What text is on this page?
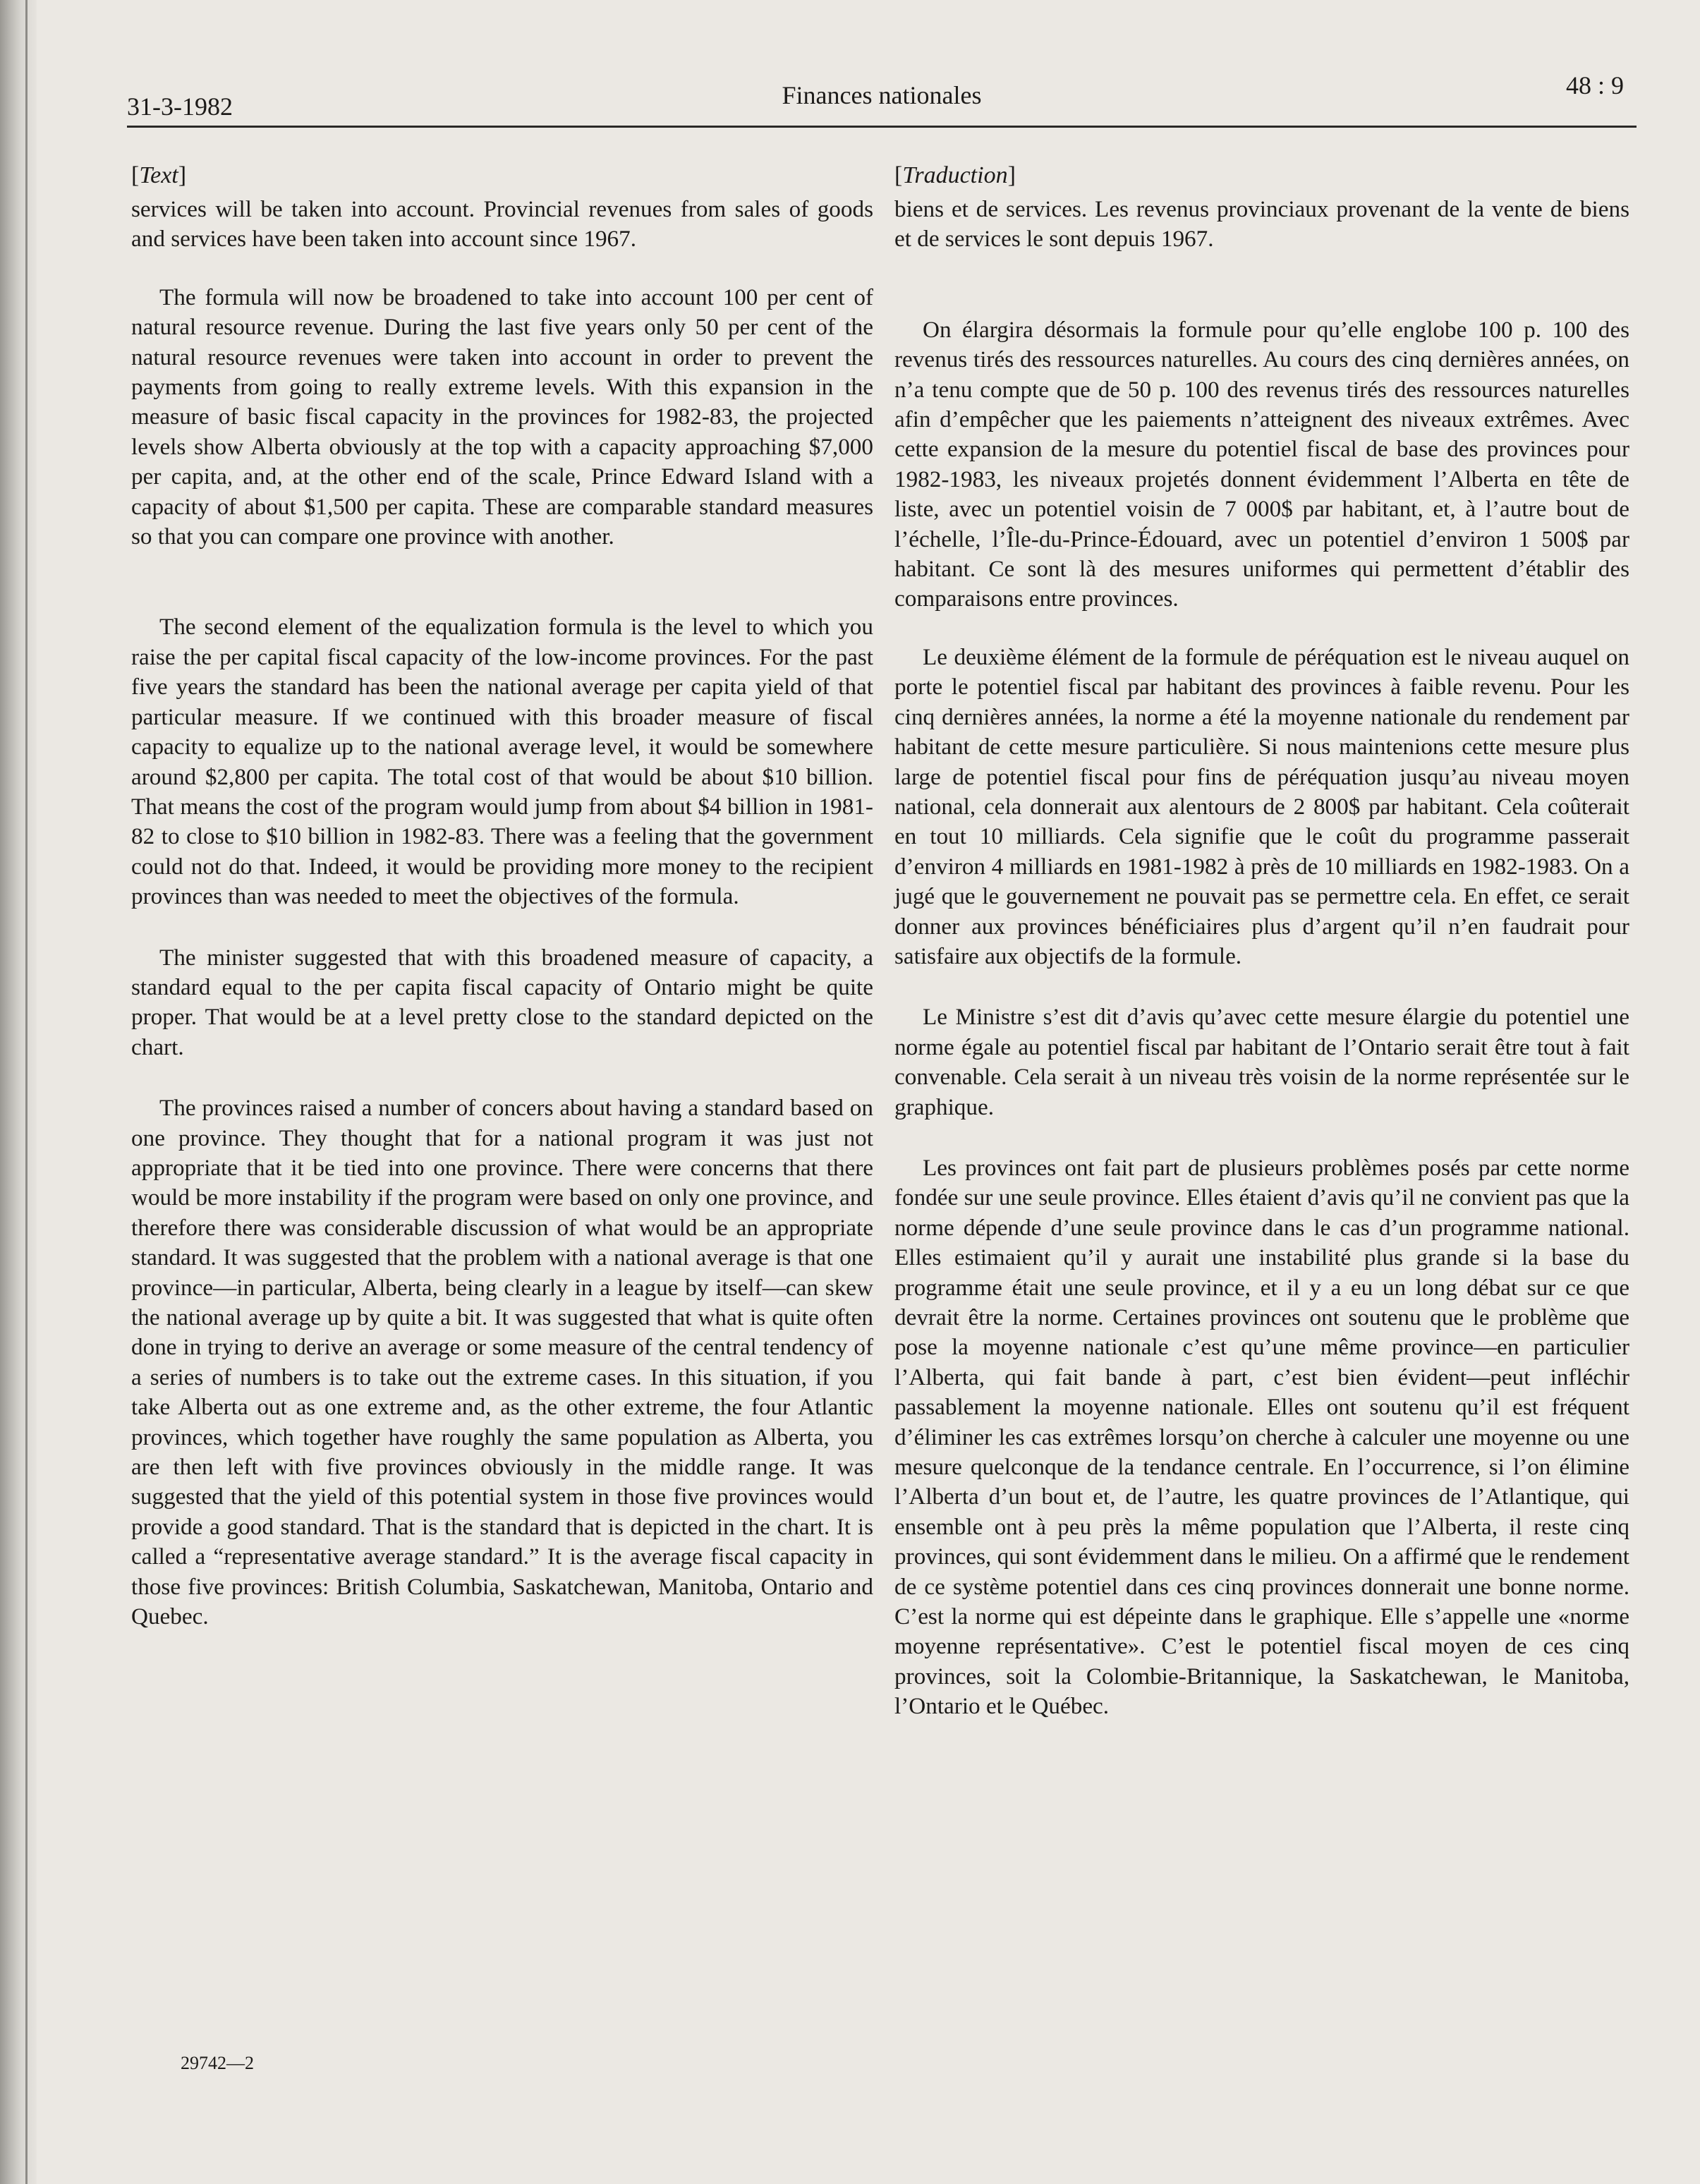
31-3-1982	Finances nationales	48 : 9
[Text]

services will be taken into account. Provincial revenues from sales of goods and services have been taken into account since 1967.

The formula will now be broadened to take into account 100 per cent of natural resource revenue. During the last five years only 50 per cent of the natural resource revenues were taken into account in order to prevent the payments from going to really extreme levels. With this expansion in the measure of basic fiscal capacity in the provinces for 1982-83, the projected levels show Alberta obviously at the top with a capacity approaching $7,000 per capita, and, at the other end of the scale, Prince Edward Island with a capacity of about $1,500 per capita. These are comparable standard measures so that you can compare one province with another.

The second element of the equalization formula is the level to which you raise the per capital fiscal capacity of the low-income provinces. For the past five years the standard has been the national average per capita yield of that particular measure. If we continued with this broader measure of fiscal capacity to equalize up to the national average level, it would be somewhere around $2,800 per capita. The total cost of that would be about $10 billion. That means the cost of the program would jump from about $4 billion in 1981-82 to close to $10 billion in 1982-83. There was a feeling that the government could not do that. Indeed, it would be providing more money to the recipient provinces than was needed to meet the objectives of the formula.

The minister suggested that with this broadened measure of capacity, a standard equal to the per capita fiscal capacity of Ontario might be quite proper. That would be at a level pretty close to the standard depicted on the chart.

The provinces raised a number of concers about having a standard based on one province. They thought that for a national program it was just not appropriate that it be tied into one province. There were concerns that there would be more instability if the program were based on only one province, and therefore there was considerable discussion of what would be an appropriate standard. It was suggested that the problem with a national average is that one province—in particular, Alberta, being clearly in a league by itself—can skew the national average up by quite a bit. It was suggested that what is quite often done in trying to derive an average or some measure of the central tendency of a series of numbers is to take out the extreme cases. In this situation, if you take Alberta out as one extreme and, as the other extreme, the four Atlantic provinces, which together have roughly the same population as Alberta, you are then left with five provinces obviously in the middle range. It was suggested that the yield of this potential system in those five provinces would provide a good standard. That is the standard that is depicted in the chart. It is called a “representative average standard.” It is the average fiscal capacity in those five provinces: British Columbia, Saskatchewan, Manitoba, Ontario and Quebec.

[Traduction]

biens et de services. Les revenus provinciaux provenant de la vente de biens et de services le sont depuis 1967.

On élargira désormais la formule pour qu’elle englobe 100 p. 100 des revenus tirés des ressources naturelles. Au cours des cinq dernières années, on n’a tenu compte que de 50 p. 100 des revenus tirés des ressources naturelles afin d’empêcher que les paiements n’atteignent des niveaux extrêmes. Avec cette expansion de la mesure du potentiel fiscal de base des provinces pour 1982-1983, les niveaux projetés donnent évidemment l’Alberta en tête de liste, avec un potentiel voisin de 7 000$ par habitant, et, à l’autre bout de l’échelle, l’Île-du-Prince-Édouard, avec un potentiel d’environ 1 500$ par habitant. Ce sont là des mesures uniformes qui permettent d’établir des comparaisons entre provinces.

Le deuxième élément de la formule de péréquation est le niveau auquel on porte le potentiel fiscal par habitant des provinces à faible revenu. Pour les cinq dernières années, la norme a été la moyenne nationale du rendement par habitant de cette mesure particulière. Si nous maintenions cette mesure plus large de potentiel fiscal pour fins de péréquation jusqu’au niveau moyen national, cela donnerait aux alentours de 2 800$ par habitant. Cela coûterait en tout 10 milliards. Cela signifie que le coût du programme passerait d’environ 4 milliards en 1981-1982 à près de 10 milliards en 1982-1983. On a jugé que le gouvernement ne pouvait pas se permettre cela. En effet, ce serait donner aux provinces bénéficiaires plus d’argent qu’il n’en faudrait pour satisfaire aux objectifs de la formule.

Le Ministre s’est dit d’avis qu’avec cette mesure élargie du potentiel une norme égale au potentiel fiscal par habitant de l’Ontario serait être tout à fait convenable. Cela serait à un niveau très voisin de la norme représentée sur le graphique.

Les provinces ont fait part de plusieurs problèmes posés par cette norme fondée sur une seule province. Elles étaient d’avis qu’il ne convient pas que la norme dépende d’une seule province dans le cas d’un programme national. Elles estimaient qu’il y aurait une instabilité plus grande si la base du programme était une seule province, et il y a eu un long débat sur ce que devrait être la norme. Certaines provinces ont soutenu que le problème que pose la moyenne nationale c’est qu’une même province—en particulier l’Alberta, qui fait bande à part, c’est bien évident—peut infléchir passablement la moyenne nationale. Elles ont soutenu qu’il est fréquent d’éliminer les cas extrêmes lorsqu’on cherche à calculer une moyenne ou une mesure quelconque de la tendance centrale. En l’occurrence, si l’on élimine l’Alberta d’un bout et, de l’autre, les quatre provinces de l’Atlantique, qui ensemble ont à peu près la même population que l’Alberta, il reste cinq provinces, qui sont évidemment dans le milieu. On a affirmé que le rendement de ce système potentiel dans ces cinq provinces donnerait une bonne norme. C’est la norme qui est dépeinte dans le graphique. Elle s’appelle une «norme moyenne représentative». C’est le potentiel fiscal moyen de ces cinq provinces, soit la Colombie-Britannique, la Saskatchewan, le Manitoba, l’Ontario et le Québec.

29742—2
